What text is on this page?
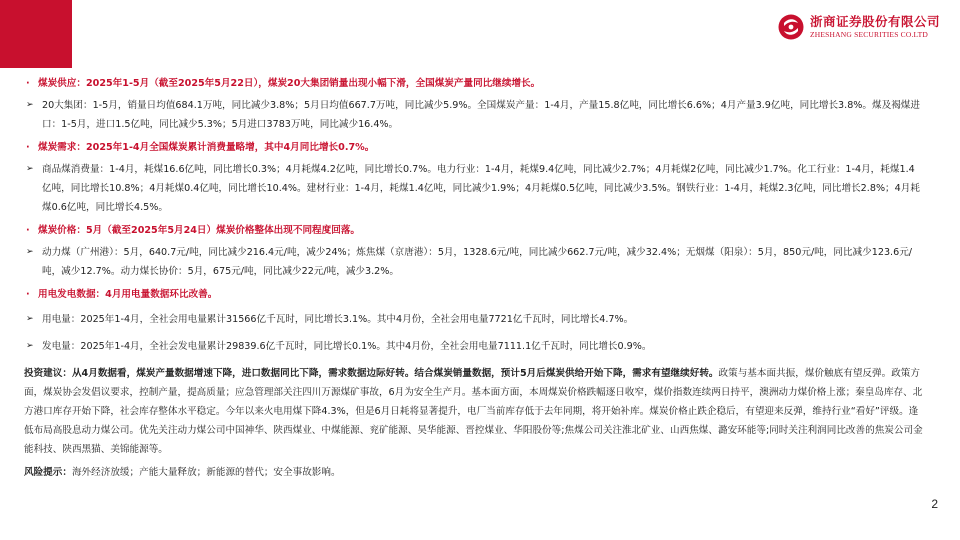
浙商证券股份有限公司
ZHESHANG SECURITIES CO.LTD
· 煤炭供应：2025年1-5月（截至2025年5月22日），煤炭20大集团销量出现小幅下滑，全国煤炭产量同比继续增长。
➢ 20大集团：1-5月，销量日均值684.1万吨，同比减少3.8%；5月日均值667.7万吨，同比减少5.9%。全国煤炭产量：1-4月，产量15.8亿吨，同比增长6.6%；4月产量3.9亿吨，同比增长3.8%。煤及褐煤进口：1-5月，进口1.5亿吨，同比减少5.3%；5月进口3783万吨，同比减少16.4%。
· 煤炭需求：2025年1-4月全国煤炭累计消费量略增，其中4月同比增长0.7%。
➢ 商品煤消费量：1-4月，耗煤16.6亿吨，同比增长0.3%；4月耗煤4.2亿吨，同比增长0.7%。电力行业：1-4月，耗煤9.4亿吨，同比减少2.7%；4月耗煤2亿吨，同比减少1.7%。化工行业：1-4月，耗煤1.4亿吨，同比增长10.8%；4月耗煤0.4亿吨，同比增长10.4%。建材行业：1-4月，耗煤1.4亿吨，同比减少1.9%；4月耗煤0.5亿吨，同比减少3.5%。钢铁行业：1-4月，耗煤2.3亿吨，同比增长2.8%；4月耗煤0.6亿吨，同比增长4.5%。
· 煤炭价格：5月（截至2025年5月24日）煤炭价格整体出现不同程度回落。
➢ 动力煤（广州港）：5月，640.7元/吨，同比减少216.4元/吨，减少24%；炼焦煤（京唐港）：5月，1328.6元/吨，同比减少662.7元/吨，减少32.4%；无烟煤（阳泉）：5月，850元/吨，同比减少123.6元/吨，减少12.7%。动力煤长协价：5月，675元/吨，同比减少22元/吨，减少3.2%。
· 用电发电数据：4月用电量数据环比改善。
➢ 用电量：2025年1-4月，全社会用电量累计31566亿千瓦时，同比增长3.1%。其中4月份，全社会用电量7721亿千瓦时，同比增长4.7%。
➢ 发电量：2025年1-4月，全社会发电量累计29839.6亿千瓦时，同比增长0.1%。其中4月份，全社会用电量7111.1亿千瓦时，同比增长0.9%。
投资建议：从4月数据看，煤炭产量数据增速下降，进口数据同比下降，需求数据边际好转。结合煤炭销量数据，预计5月后煤炭供给开始下降，需求有望继续好转。政策与基本面共振，煤价触底有望反弹。政策方面，煤炭协会发倡议要求，控制产量，提高质量；应急管理部关注四川万源煤矿事故，6月为安全生产月。基本面方面，本周煤炭价格跌幅逐日收窄，煤价指数连续两日持平，澳洲动力煤价格上涨；秦皇岛库存、北方港口库存开始下降，社会库存整体水平稳定。今年以来火电用煤下降4.3%，但是6月日耗将显著提升，电厂当前库存低于去年同期，将开始补库。煤炭价格止跌企稳后，有望迎来反弹，维持行业“看好”评级。逢低布局高股息动力煤公司。优先关注动力煤公司中国神华、陕西煤业、中煤能源、兖矿能源、昊华能源、晋控煤业、华阳股份等;焦煤公司关注淮北矿业、山西焦煤、潞安环能等;同时关注利润同比改善的焦炭公司金能科技、陕西黑猫、美锦能源等。
风险提示：海外经济放缓；产能大量释放；新能源的替代；安全事故影响。
2
